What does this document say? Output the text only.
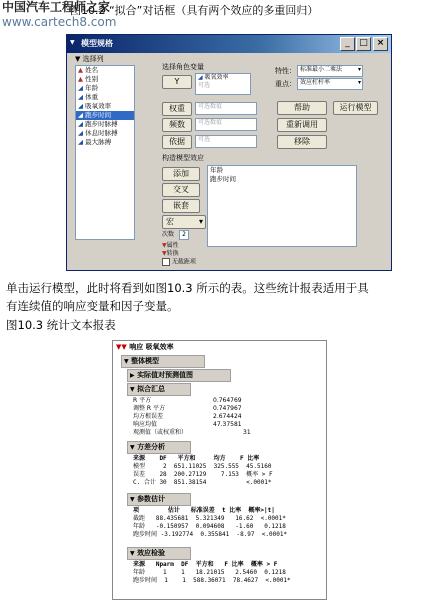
图10.2 “拟合”对话框（具有两个效应的多重回归）
中国汽车工程师之家
www.cartech8.com
▼ 模型规格	_	□ ×
▼ 选择列
▲ 姓名
▲ 性别
◢ 年龄
◢ 体重
◢ 吸氧效率
◢ 跑步时间
◢ 跑步时脉搏
◢ 休息时脉搏
◢ 最大脉搏
选择角色变量
Y	◢ 吸氧效率
可选
权重	可选数值
频数	可选数值
依据	可选
特性： 标准最小二乘法	▾
重点： 效应杠杆率	▾
帮助	运行模型
重新调用
移除
构造模型效应
添加
交叉
嵌套
宏	▾
次数	2
▼属性
▼转换
无截距项
年龄
跑步时间
单击运行模型，此时将看到如图10.3 所示的表。这些统计报表适用于具
有连续值的响应变量和因子变量。
图10.3 统计文本报表
▼▼ 响应 吸氧效率
▼ 整体模型
▶ 实际值对预测值图
▼ 拟合汇总
R 平方	0.764769
调整 R 平方	0.747967
均方根误差	2.674424
响应均值	47.37581
观测值（或权重和）	31
▼ 方差分析
来源    DF   平方和     均方    F 比率
模型     2  651.11025  325.555  45.5160
误差    28  200.27129    7.153  概率 > F
C. 合计 30  851.38154           <.0001*
▼ 参数估计
项        估计   标准误差  t 比率  概率>|t|
截距   88.435681  5.321349   16.62  <.0001*
年龄   -0.150957  0.094608   -1.60   0.1218
跑步时间 -3.192774  0.355841  -8.97  <.0001*
▼ 效应检验
来源   Nparm  DF  平方和   F 比率  概率 > F
年龄     1    1   18.21015   2.5460  0.1218
跑步时间  1    1  588.36071  78.4627  <.0001*
